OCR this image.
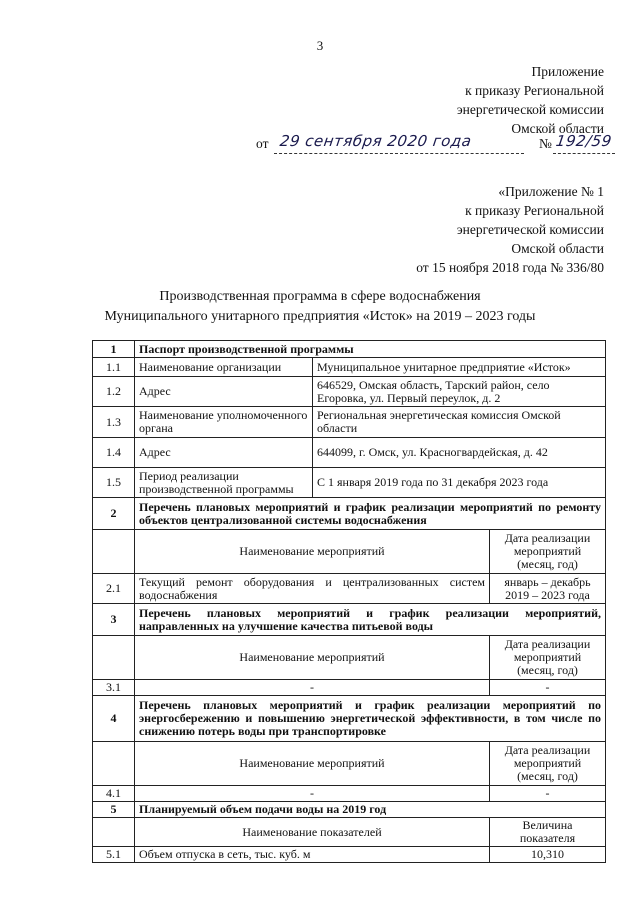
3
Приложение
к приказу Региональной
энергетической комиссии
Омской области
от 29 сентября 2020 года	№ 192/59
«Приложение № 1
к приказу Региональной
энергетической комиссии
Омской области
от 15 ноября 2018 года № 336/80
Производственная программа в сфере водоснабжения
Муниципального унитарного предприятия «Исток» на 2019 – 2023 годы
1	Паспорт производственной программы		
1.1	Наименование организации	Муниципальное унитарное предприятие «Исток»	
1.2	Адрес	646529, Омская область, Тарский район, село Егоровка, ул. Первый переулок, д. 2	
1.3	Наименование уполномоченного органа	Региональная энергетическая комиссия Омской области	
1.4	Адрес	644099, г. Омск, ул. Красногвардейская, д. 42	
1.5	Период реализации производственной программы	С 1 января 2019 года по 31 декабря 2023 года	
2	Перечень плановых мероприятий и график реализации мероприятий по ремонту объектов централизованной системы водоснабжения		
	Наименование мероприятий		Дата реализации мероприятий (месяц, год)
2.1	Текущий ремонт оборудования и централизованных систем водоснабжения		январь – декабрь 2019 – 2023 года
3	Перечень плановых мероприятий и график реализации мероприятий, направленных на улучшение качества питьевой воды		
	Наименование мероприятий		Дата реализации мероприятий (месяц, год)
3.1	-		-
4	Перечень плановых мероприятий и график реализации мероприятий по энергосбережению и повышению энергетической эффективности, в том числе по снижению потерь воды при транспортировке		
	Наименование мероприятий		Дата реализации мероприятий (месяц, год)
4.1	-		-
5	Планируемый объем подачи воды на 2019 год		
	Наименование показателей		Величина показателя
5.1	Объем отпуска в сеть, тыс. куб. м		10,310
